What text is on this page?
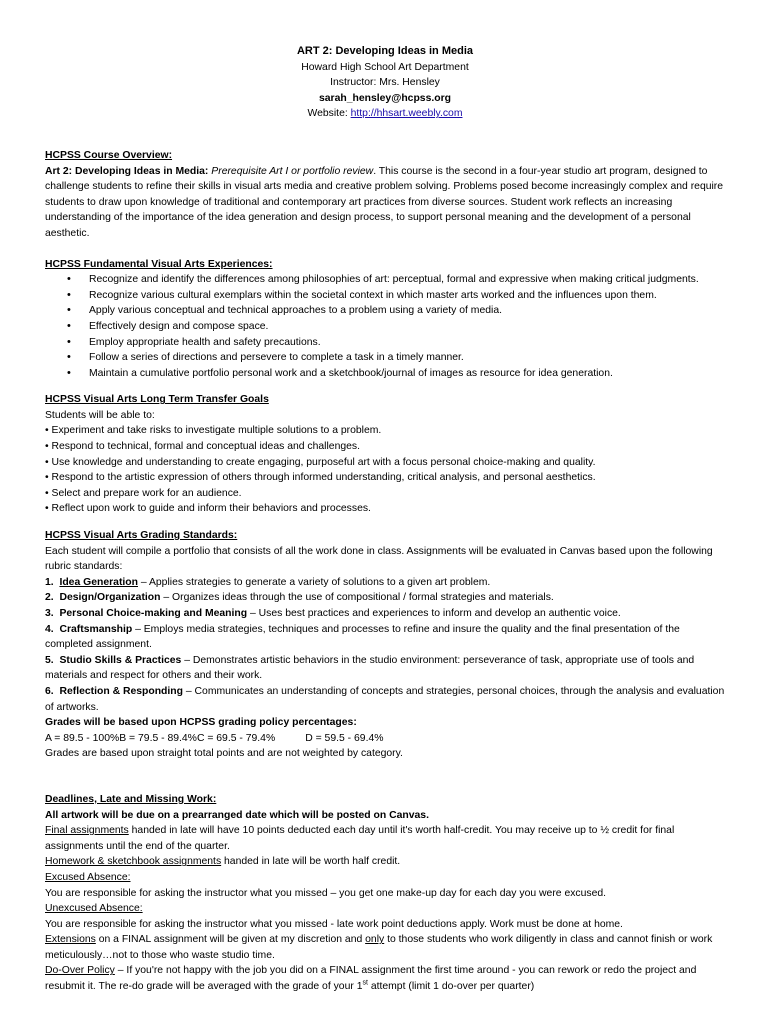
ART 2: Developing Ideas in Media
Howard High School Art Department
Instructor: Mrs. Hensley
sarah_hensley@hcpss.org
Website: http://hhsart.weebly.com
HCPSS Course Overview:
Art 2: Developing Ideas in Media: Prerequisite Art I or portfolio review. This course is the second in a four-year studio art program, designed to challenge students to refine their skills in visual arts media and creative problem solving. Problems posed become increasingly complex and require students to draw upon knowledge of traditional and contemporary art practices from diverse sources. Student work reflects an increasing understanding of the importance of the idea generation and design process, to support personal meaning and the development of a personal aesthetic.
HCPSS Fundamental Visual Arts Experiences:
• Recognize and identify the differences among philosophies of art: perceptual, formal and expressive when making critical judgments.
• Recognize various cultural exemplars within the societal context in which master arts worked and the influences upon them.
• Apply various conceptual and technical approaches to a problem using a variety of media.
• Effectively design and compose space.
• Employ appropriate health and safety precautions.
• Follow a series of directions and persevere to complete a task in a timely manner.
• Maintain a cumulative portfolio personal work and a sketchbook/journal of images as resource for idea generation.
HCPSS Visual Arts Long Term Transfer Goals
Students will be able to:
• Experiment and take risks to investigate multiple solutions to a problem.
• Respond to technical, formal and conceptual ideas and challenges.
• Use knowledge and understanding to create engaging, purposeful art with a focus personal choice-making and quality.
• Respond to the artistic expression of others through informed understanding, critical analysis, and personal aesthetics.
• Select and prepare work for an audience.
• Reflect upon work to guide and inform their behaviors and processes.
HCPSS Visual Arts Grading Standards:
Each student will compile a portfolio that consists of all the work done in class. Assignments will be evaluated in Canvas based upon the following rubric standards:
1. Idea Generation – Applies strategies to generate a variety of solutions to a given art problem.
2. Design/Organization – Organizes ideas through the use of compositional / formal strategies and materials.
3. Personal Choice-making and Meaning – Uses best practices and experiences to inform and develop an authentic voice.
4. Craftsmanship – Employs media strategies, techniques and processes to refine and insure the quality and the final presentation of the completed assignment.
5. Studio Skills & Practices – Demonstrates artistic behaviors in the studio environment: perseverance of task, appropriate use of tools and materials and respect for others and their work.
6. Reflection & Responding – Communicates an understanding of concepts and strategies, personal choices, through the analysis and evaluation of artworks.
Grades will be based upon HCPSS grading policy percentages:
A = 89.5 - 100%B = 79.5 - 89.4%C = 69.5 - 79.4%	D = 59.5 - 69.4%
Grades are based upon straight total points and are not weighted by category.
Deadlines, Late and Missing Work:
All artwork will be due on a prearranged date which will be posted on Canvas.
Final assignments handed in late will have 10 points deducted each day until it's worth half-credit. You may receive up to ½ credit for final assignments until the end of the quarter.
Homework & sketchbook assignments handed in late will be worth half credit.
Excused Absence:
You are responsible for asking the instructor what you missed – you get one make-up day for each day you were excused.
Unexcused Absence:
You are responsible for asking the instructor what you missed - late work point deductions apply. Work must be done at home.
Extensions on a FINAL assignment will be given at my discretion and only to those students who work diligently in class and cannot finish or work meticulously…not to those who waste studio time.
Do-Over Policy – If you're not happy with the job you did on a FINAL assignment the first time around - you can rework or redo the project and resubmit it. The re-do grade will be averaged with the grade of your 1st attempt (limit 1 do-over per quarter)
